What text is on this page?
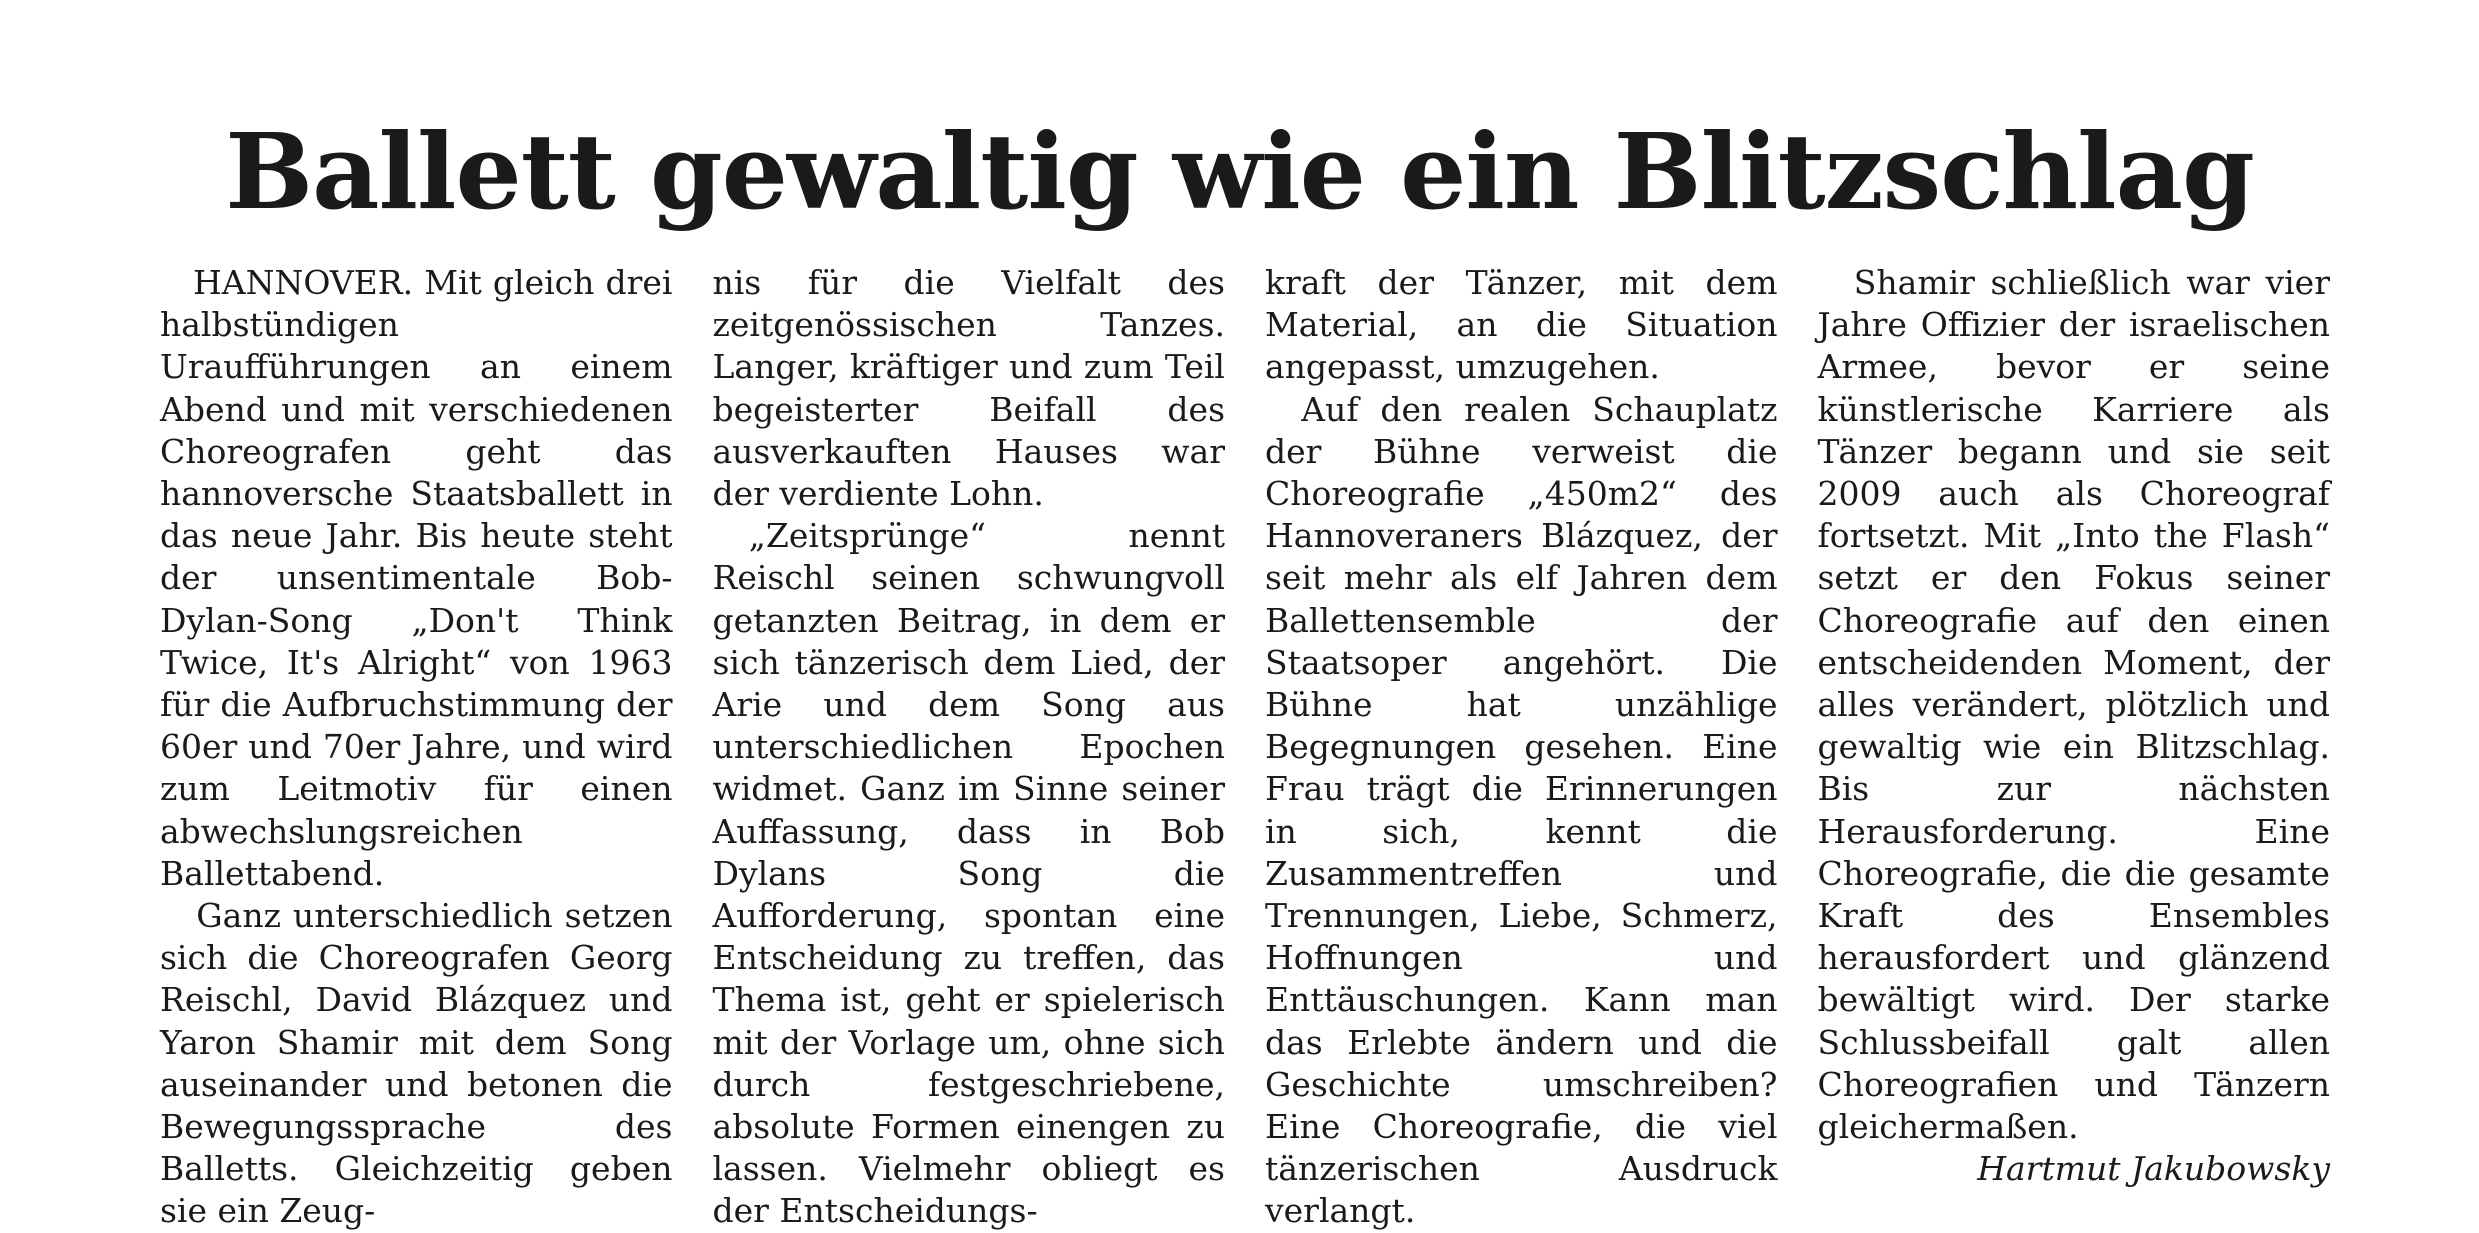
Ballett gewaltig wie ein Blitzschlag

HANNOVER. Mit gleich drei halbstündigen Uraufführungen an einem Abend und mit verschiedenen Choreografen geht das hannoversche Staatsballett in das neue Jahr. Bis heute steht der unsentimentale Bob-Dylan-Song „Don't Think Twice, It's Alright“ von 1963 für die Aufbruchstimmung der 60er und 70er Jahre, und wird zum Leitmotiv für einen abwechslungsreichen Ballettabend.

Ganz unterschiedlich setzen sich die Choreografen Georg Reischl, David Blázquez und Yaron Shamir mit dem Song auseinander und betonen die Bewegungssprache des Balletts. Gleichzeitig geben sie ein Zeug-

nis für die Vielfalt des zeitgenössischen Tanzes. Langer, kräftiger und zum Teil begeisterter Beifall des ausverkauften Hauses war der verdiente Lohn.

„Zeitsprünge“ nennt Reischl seinen schwungvoll getanzten Beitrag, in dem er sich tänzerisch dem Lied, der Arie und dem Song aus unterschiedlichen Epochen widmet. Ganz im Sinne seiner Auffassung, dass in Bob Dylans Song die Aufforderung, spontan eine Entscheidung zu treffen, das Thema ist, geht er spielerisch mit der Vorlage um, ohne sich durch festgeschriebene, absolute Formen einengen zu lassen. Vielmehr obliegt es der Entscheidungs-

kraft der Tänzer, mit dem Material, an die Situation angepasst, umzugehen.

Auf den realen Schauplatz der Bühne verweist die Choreografie „450m2“ des Hannoveraners Blázquez, der seit mehr als elf Jahren dem Ballettensemble der Staatsoper angehört. Die Bühne hat unzählige Begegnungen gesehen. Eine Frau trägt die Erinnerungen in sich, kennt die Zusammentreffen und Trennungen, Liebe, Schmerz, Hoffnungen und Enttäuschungen. Kann man das Erlebte ändern und die Geschichte umschreiben? Eine Choreografie, die viel tänzerischen Ausdruck verlangt.

Shamir schließlich war vier Jahre Offizier der israelischen Armee, bevor er seine künstlerische Karriere als Tänzer begann und sie seit 2009 auch als Choreograf fortsetzt. Mit „Into the Flash“ setzt er den Fokus seiner Choreografie auf den einen entscheidenden Moment, der alles verändert, plötzlich und gewaltig wie ein Blitzschlag. Bis zur nächsten Herausforderung. Eine Choreografie, die die gesamte Kraft des Ensembles herausfordert und glänzend bewältigt wird. Der starke Schlussbeifall galt allen Choreografien und Tänzern gleichermaßen.

Hartmut Jakubowsky
